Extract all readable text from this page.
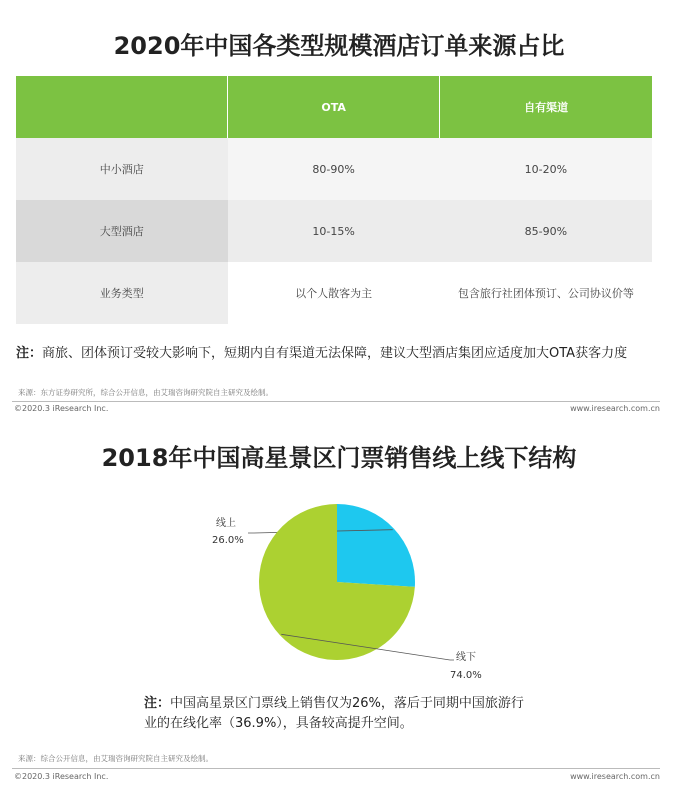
2020年中国各类型规模酒店订单来源占比
	OTA	自有渠道
中小酒店	80-90%	10-20%
大型酒店	10-15%	85-90%
业务类型	以个人散客为主	包含旅行社团体预订、公司协议价等
注：商旅、团体预订受较大影响下，短期内自有渠道无法保障，建议大型酒店集团应适度加大OTA获客力度
来源：东方证券研究所，综合公开信息，由艾瑞咨询研究院自主研究及绘制。
©2020.3 iResearch Inc.	www.iresearch.com.cn
2018年中国高星景区门票销售线上线下结构
线上
26.0%
线下
74.0%
注：中国高星景区门票线上销售仅为26%，落后于同期中国旅游行业的在线化率（36.9%），具备较高提升空间。
来源：综合公开信息，由艾瑞咨询研究院自主研究及绘制。
©2020.3 iResearch Inc.	www.iresearch.com.cn
